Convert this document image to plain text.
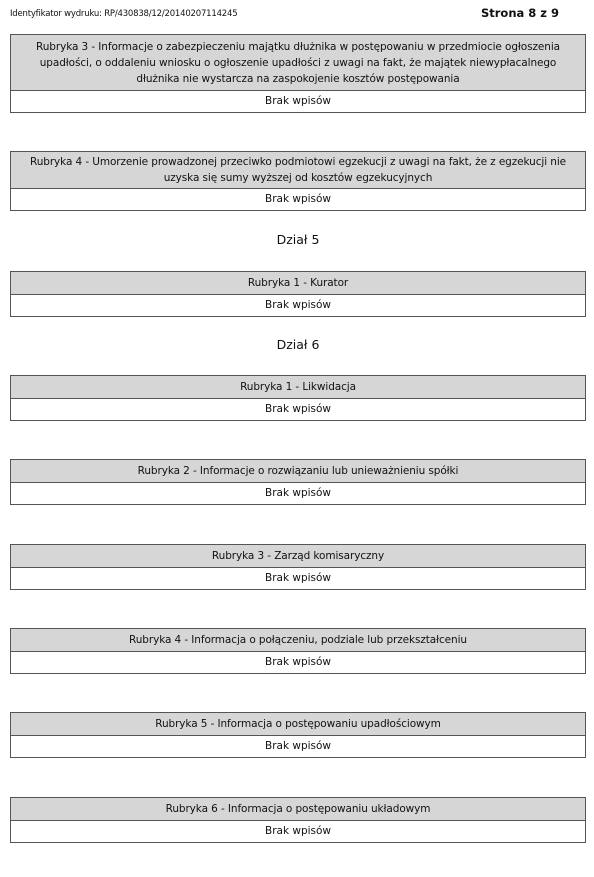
Identyfikator wydruku: RP/430838/12/20140207114245	Strona 8 z 9
Rubryka 3 - Informacje o zabezpieczeniu majątku dłużnika w postępowaniu w przedmiocie ogłoszenia upadłości, o oddaleniu wniosku o ogłoszenie upadłości z uwagi na fakt, że majątek niewypłacalnego dłużnika nie wystarcza na zaspokojenie kosztów postępowania
Brak wpisów
Rubryka 4 - Umorzenie prowadzonej przeciwko podmiotowi egzekucji z uwagi na fakt, że z egzekucji nie uzyska się sumy wyższej od kosztów egzekucyjnych
Brak wpisów
Dział 5
Rubryka 1 - Kurator
Brak wpisów
Dział 6
Rubryka 1 - Likwidacja
Brak wpisów
Rubryka 2 - Informacje o rozwiązaniu lub unieważnieniu spółki
Brak wpisów
Rubryka 3 - Zarząd komisaryczny
Brak wpisów
Rubryka 4 - Informacja o połączeniu, podziale lub przekształceniu
Brak wpisów
Rubryka 5 - Informacja o postępowaniu upadłościowym
Brak wpisów
Rubryka 6 - Informacja o postępowaniu układowym
Brak wpisów
